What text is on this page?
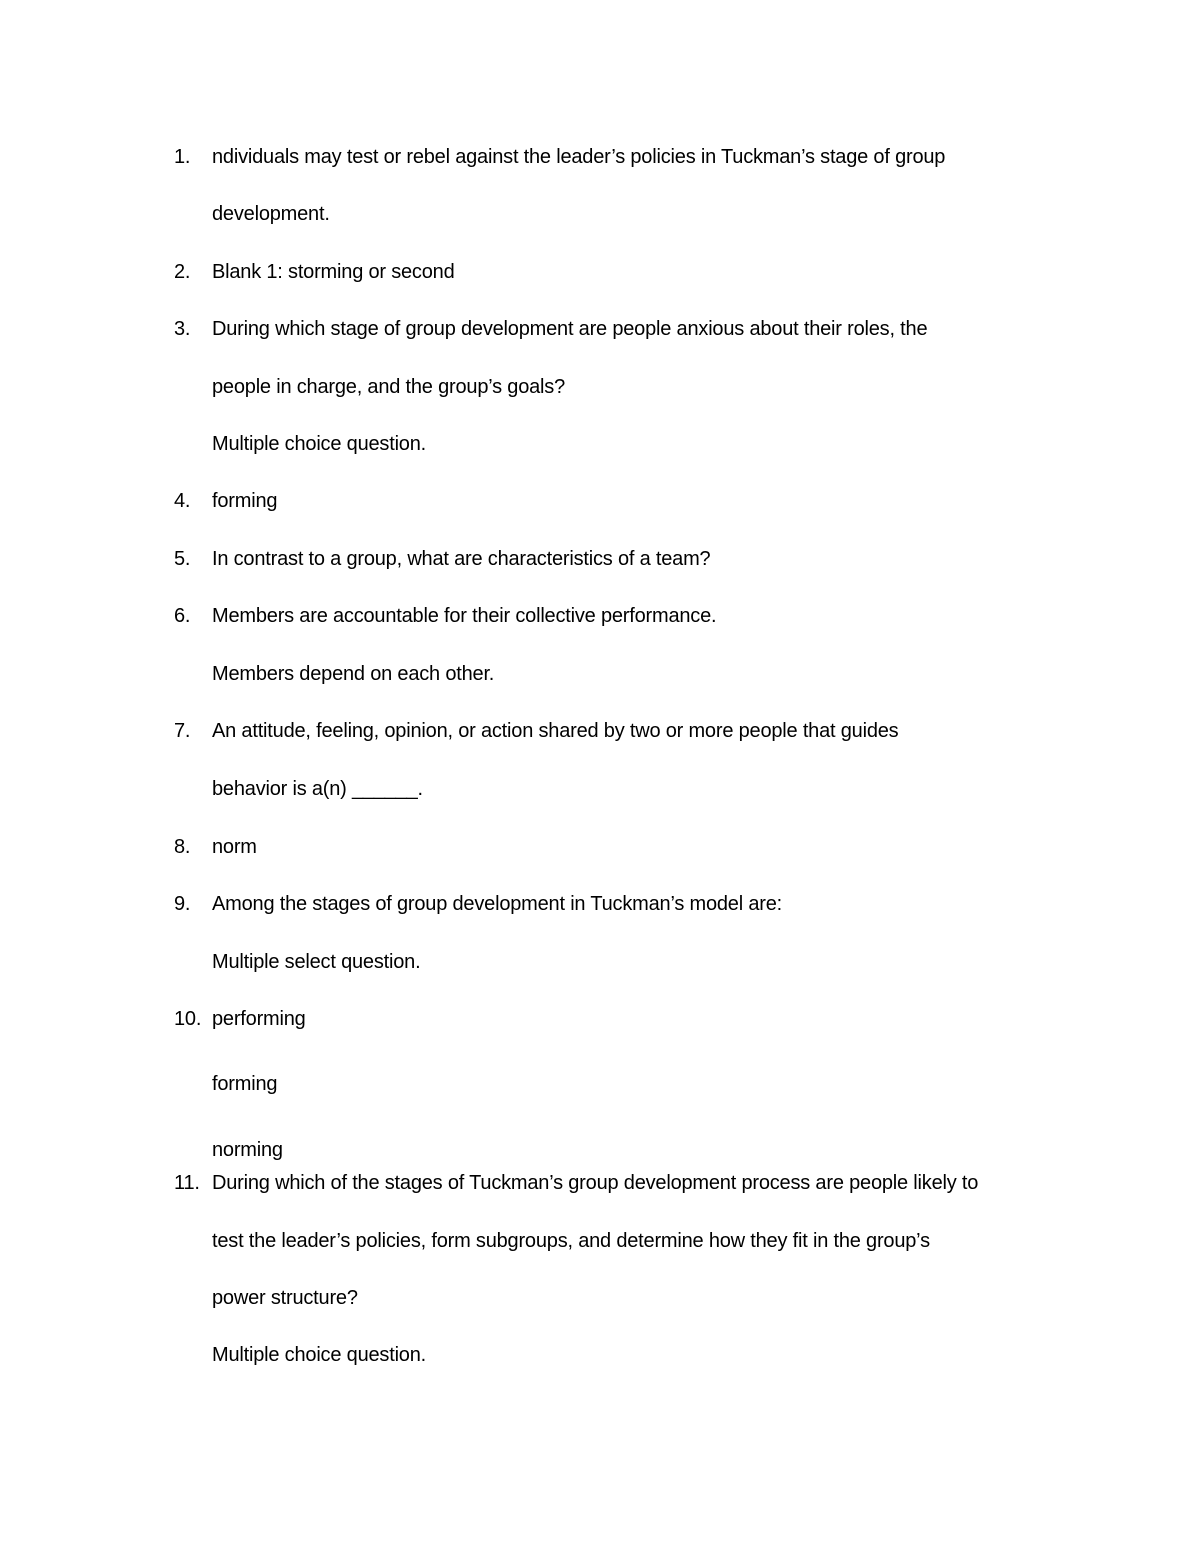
1.	ndividuals may test or rebel against the leader’s policies in Tuckman’s stage of group
development.
2.	Blank 1: storming or second
3.	During which stage of group development are people anxious about their roles, the
people in charge, and the group’s goals?
Multiple choice question.
4.	forming
5.	In contrast to a group, what are characteristics of a team?
6.	Members are accountable for their collective performance.
Members depend on each other.
7.	An attitude, feeling, opinion, or action shared by two or more people that guides
behavior is a(n) ______.
8.	norm
9.	Among the stages of group development in Tuckman’s model are:
Multiple select question.
10. performing
forming
norming
11. During which of the stages of Tuckman’s group development process are people likely to
test the leader’s policies, form subgroups, and determine how they fit in the group’s
power structure?
Multiple choice question.
